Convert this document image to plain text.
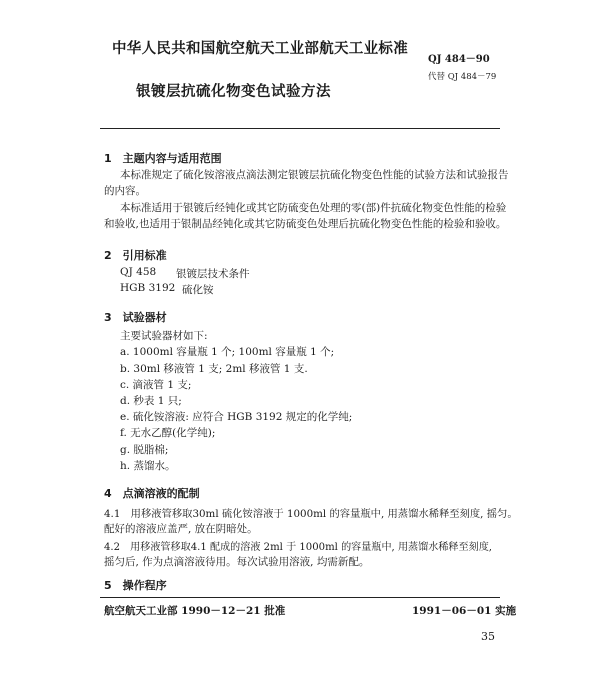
中华人民共和国航空航天工业部航天工业标准
QJ 484－90
代替 QJ 484－79
银镀层抗硫化物变色试验方法
1　主题内容与适用范围
本标准规定了硫化铵溶液点滴法测定银镀层抗硫化物变色性能的试验方法和试验报告
的内容。
本标准适用于银镀后经钝化或其它防硫变色处理的零(部)件抗硫化物变色性能的检验
和验收,也适用于银制品经钝化或其它防硫变色处理后抗硫化物变色性能的检验和验收。
2　引用标准
QJ 458 银镀层技术条件
HGB 3192 硫化铵
3　试验器材
主要试验器材如下:
a. 1000ml 容量瓶 1 个; 100ml 容量瓶 1 个;
b. 30ml 移液管 1 支; 2ml 移液管 1 支.
c. 滴液管 1 支;
d. 秒表 1 只;
e. 硫化铵溶液: 应符合 HGB 3192 规定的化学纯;
f. 无水乙醇(化学纯);
g. 脱脂棉;
h. 蒸馏水。
4　点滴溶液的配制
4.1　用移液管移取30ml 硫化铵溶液于 1000ml 的容量瓶中, 用蒸馏水稀释至刻度, 摇匀。
配好的溶液应盖严, 放在阴暗处。
4.2　用移液管移取4.1 配成的溶液 2ml 于 1000ml 的容量瓶中, 用蒸馏水稀释至刻度,
摇匀后, 作为点滴溶液待用。每次试验用溶液, 均需新配。
5　操作程序
航空航天工业部 1990－12－21 批准	1991－06－01 实施
35
